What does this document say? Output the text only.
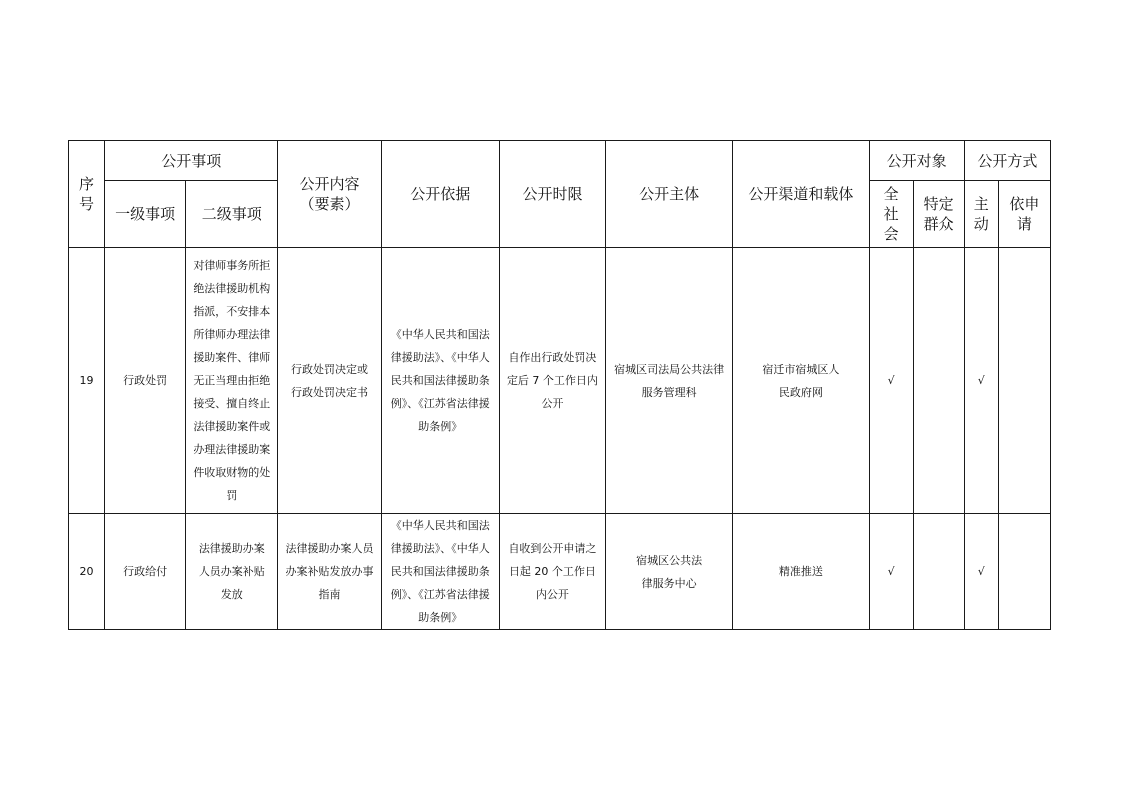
序号	公开事项		公开内容（要素）	公开依据	公开时限	公开主体	公开渠道和载体	公开对象		公开方式	
	一级事项	二级事项						全社会	特定群众	主动	依申请

19	行政处罚	对律师事务所拒绝法律援助机构指派，不安排本所律师办理法律援助案件、律师无正当理由拒绝接受、擅自终止法律援助案件或办理法律援助案件收取财物的处罚	行政处罚决定或行政处罚决定书	《中华人民共和国法律援助法》、《中华人民共和国法律援助条例》、《江苏省法律援助条例》	自作出行政处罚决定后 7 个工作日内公开	宿城区司法局公共法律服务管理科	宿迁市宿城区人民政府网	√		√	
20	行政给付	法律援助办案人员办案补贴发放	法律援助办案人员办案补贴发放办事指南	《中华人民共和国法律援助法》、《中华人民共和国法律援助条例》、《江苏省法律援助条例》	自收到公开申请之日起 20 个工作日内公开	宿城区公共法律服务中心	精准推送	√		√	
